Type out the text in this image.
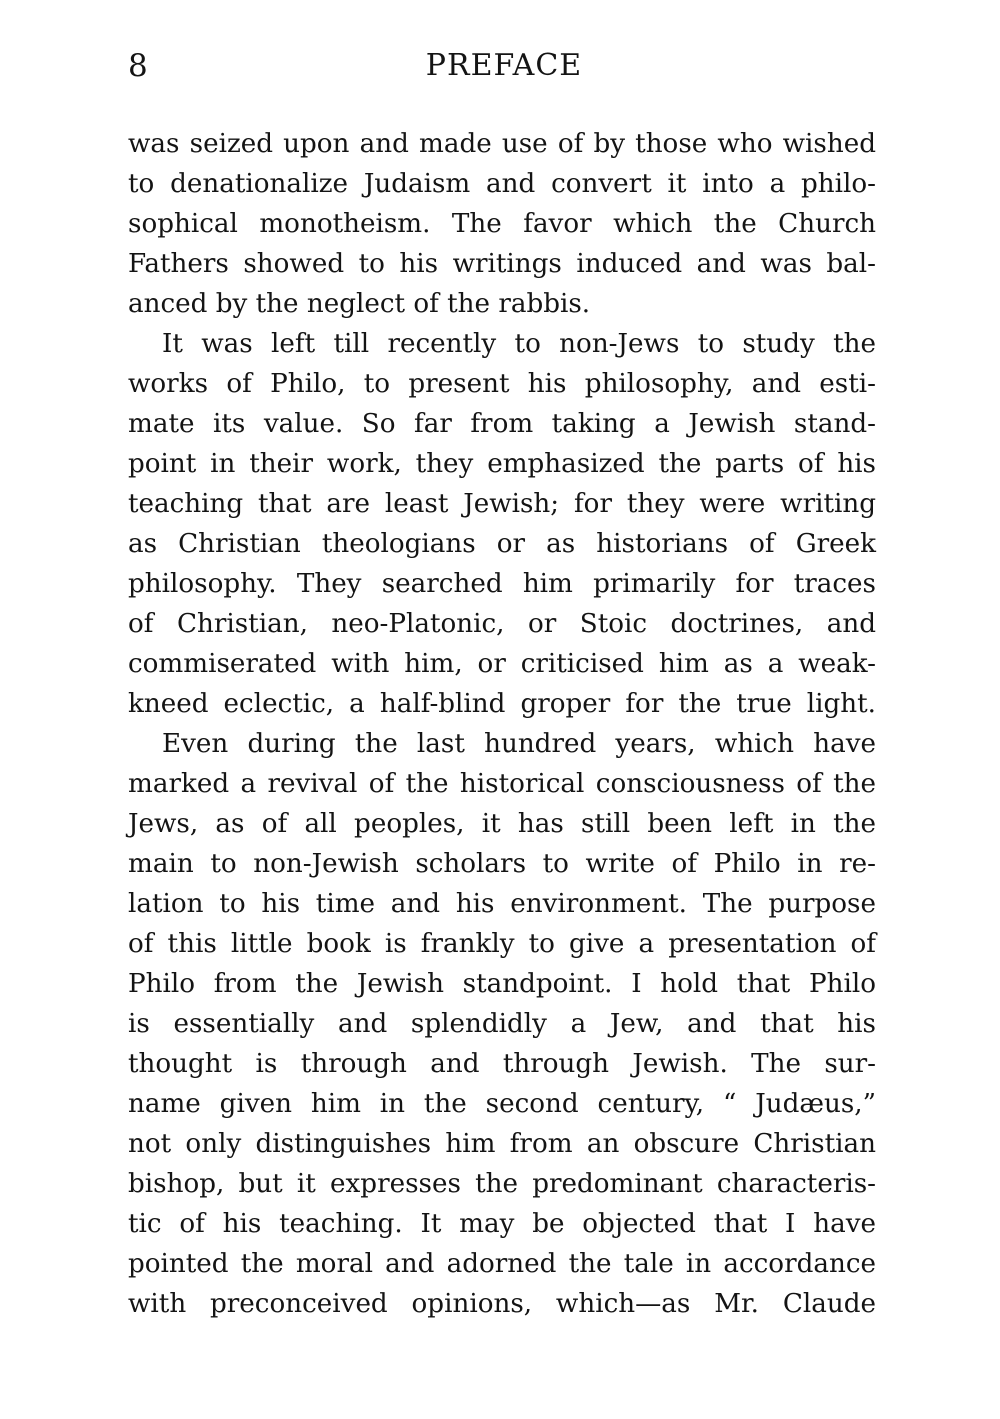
8	PREFACE
was seized upon and made use of by those who wished
to denationalize Judaism and convert it into a philo-
sophical monotheism. The favor which the Church
Fathers showed to his writings induced and was bal-
anced by the neglect of the rabbis.
It was left till recently to non-Jews to study the
works of Philo, to present his philosophy, and esti-
mate its value. So far from taking a Jewish stand-
point in their work, they emphasized the parts of his
teaching that are least Jewish; for they were writing
as Christian theologians or as historians of Greek
philosophy. They searched him primarily for traces
of Christian, neo-Platonic, or Stoic doctrines, and
commiserated with him, or criticised him as a weak-
kneed eclectic, a half-blind groper for the true light.
Even during the last hundred years, which have
marked a revival of the historical consciousness of the
Jews, as of all peoples, it has still been left in the
main to non-Jewish scholars to write of Philo in re-
lation to his time and his environment. The purpose
of this little book is frankly to give a presentation of
Philo from the Jewish standpoint. I hold that Philo
is essentially and splendidly a Jew, and that his
thought is through and through Jewish. The sur-
name given him in the second century, “ Judæus,”
not only distinguishes him from an obscure Christian
bishop, but it expresses the predominant characteris-
tic of his teaching. It may be objected that I have
pointed the moral and adorned the tale in accordance
with preconceived opinions, which—as Mr. Claude
